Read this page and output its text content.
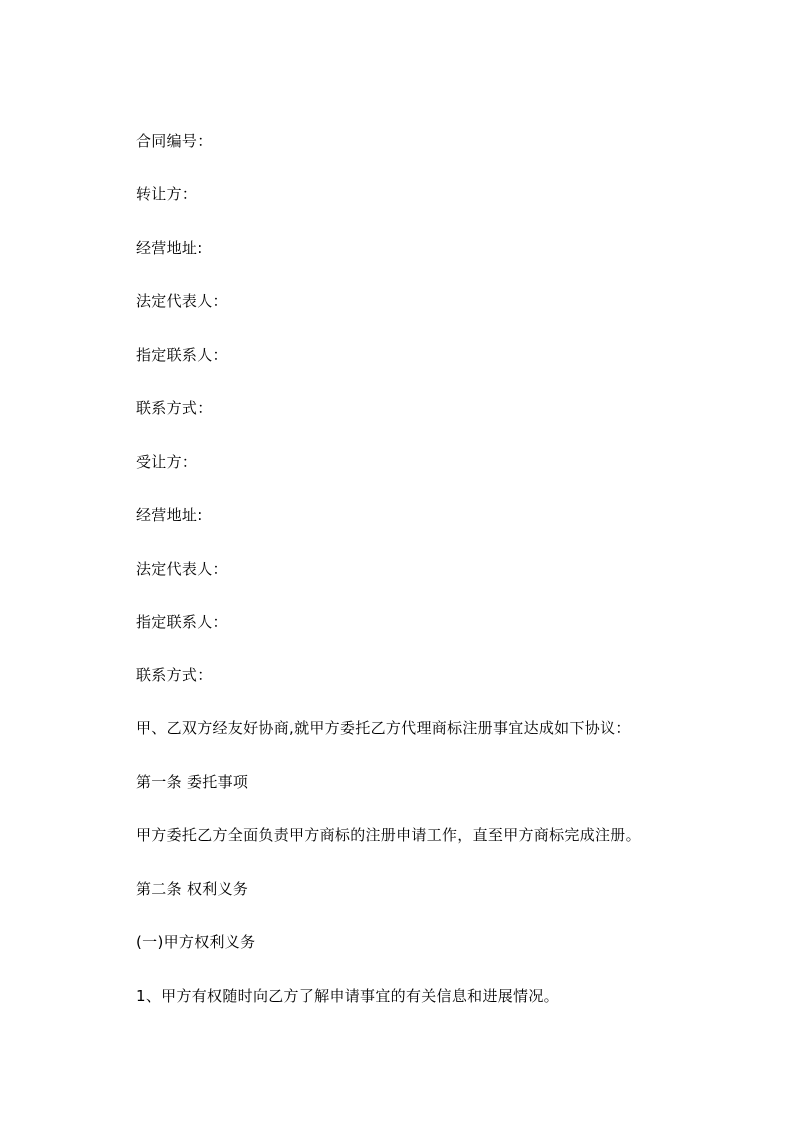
合同编号：
转让方：
经营地址:
法定代表人：
指定联系人：
联系方式：
受让方：
经营地址:
法定代表人：
指定联系人：
联系方式：
甲、乙双方经友好协商,就甲方委托乙方代理商标注册事宜达成如下协议：
第一条 委托事项
甲方委托乙方全面负责甲方商标的注册申请工作，直至甲方商标完成注册。
第二条 权利义务
(一)甲方权利义务
1、甲方有权随时向乙方了解申请事宜的有关信息和进展情况。
